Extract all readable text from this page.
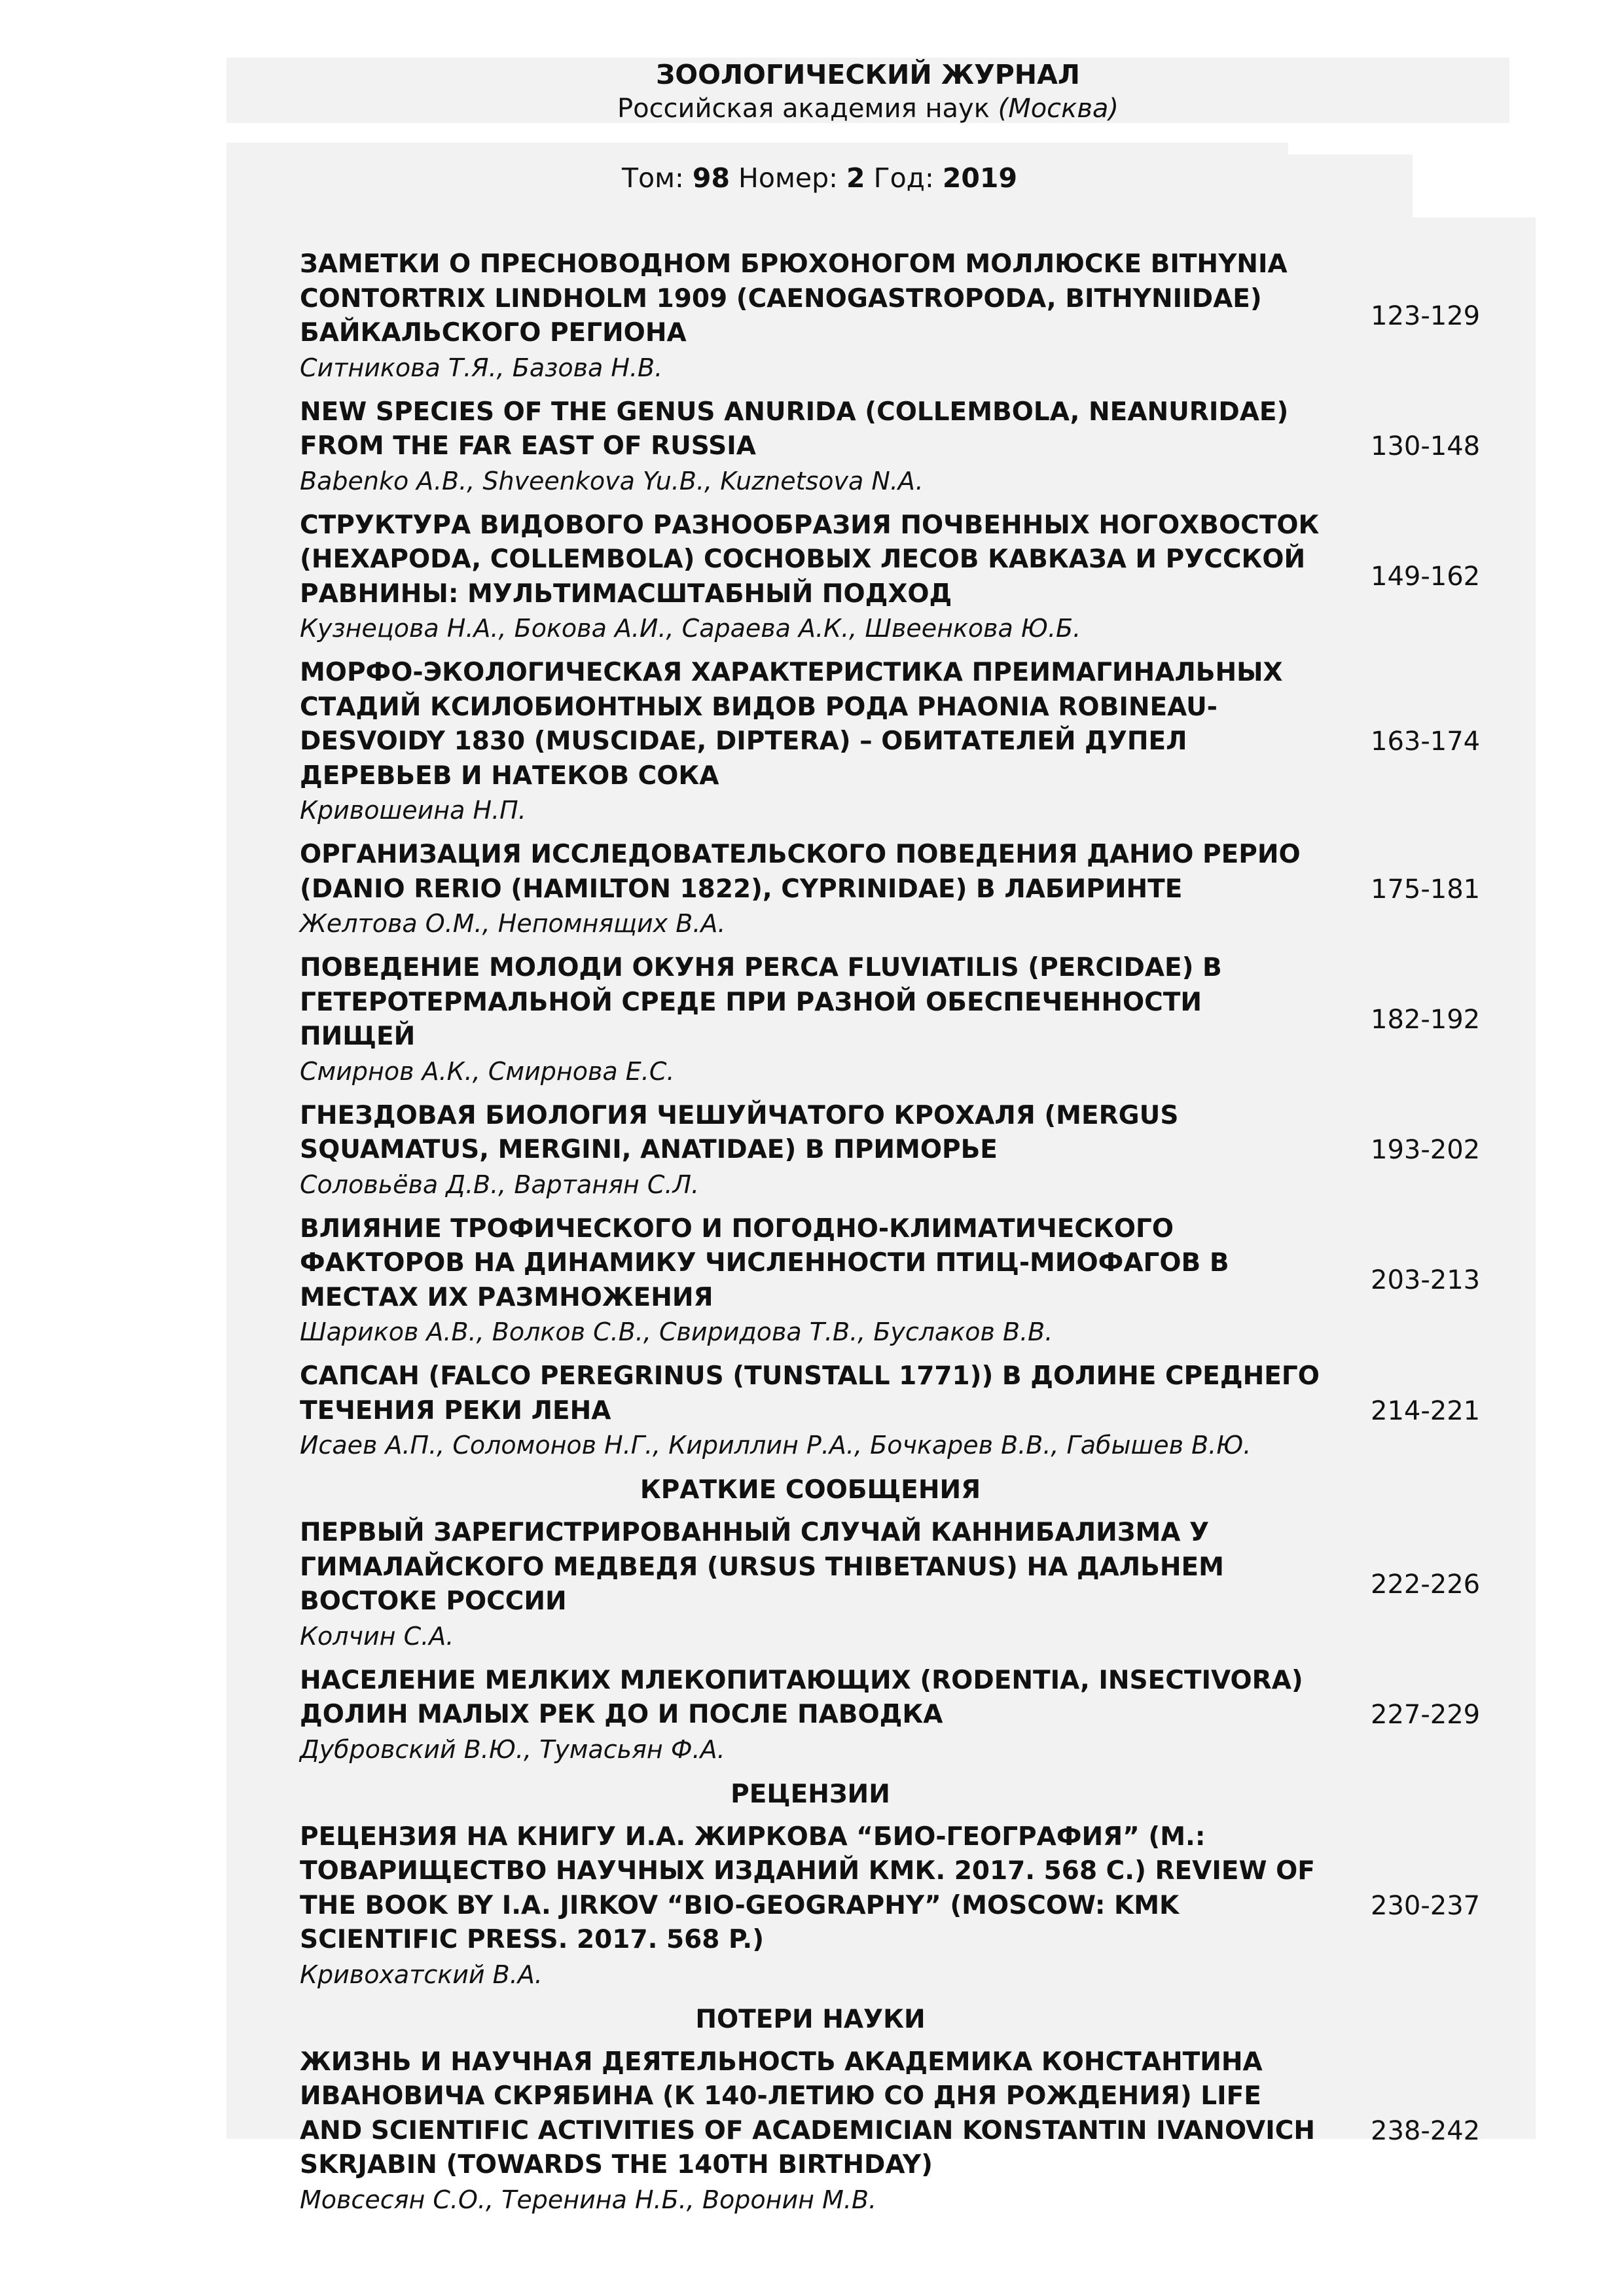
ЗООЛОГИЧЕСКИЙ ЖУРНАЛ
Российская академия наук (Москва)
Том: 98 Номер: 2 Год: 2019

ЗАМЕТКИ О ПРЕСНОВОДНОМ БРЮХОНОГОМ МОЛЛЮСКЕ BITHYNIA CONTORTRIX LINDHOLM 1909 (CAENOGASTROPODA, BITHYNIIDAE) БАЙКАЛЬСКОГО РЕГИОНА

Ситникова Т.Я., Базова Н.В.

123-129

NEW SPECIES OF THE GENUS ANURIDA (COLLEMBOLA, NEANURIDAE) FROM THE FAR EAST OF RUSSIA

Babenko A.B., Shveenkova Yu.B., Kuznetsova N.A.

130-148

СТРУКТУРА ВИДОВОГО РАЗНООБРАЗИЯ ПОЧВЕННЫХ НОГОХВОСТОК (HEXAPODA, COLLEMBOLA) СОСНОВЫХ ЛЕСОВ КАВКАЗА И РУССКОЙ РАВНИНЫ: МУЛЬТИМАСШТАБНЫЙ ПОДХОД

Кузнецова Н.А., Бокова А.И., Сараева А.К., Швеенкова Ю.Б.

149-162

МОРФО-ЭКОЛОГИЧЕСКАЯ ХАРАКТЕРИСТИКА ПРЕИМАГИНАЛЬНЫХ СТАДИЙ КСИЛОБИОНТНЫХ ВИДОВ РОДА PHAONIA ROBINEAU-DESVOIDY 1830 (MUSCIDAE, DIPTERA) – ОБИТАТЕЛЕЙ ДУПЕЛ ДЕРЕВЬЕВ И НАТЕКОВ СОКА

Кривошеина Н.П.

163-174

ОРГАНИЗАЦИЯ ИССЛЕДОВАТЕЛЬСКОГО ПОВЕДЕНИЯ ДАНИО РЕРИО (DANIO RERIO (HAMILTON 1822), CYPRINIDAE) В ЛАБИРИНТЕ

Желтова О.М., Непомнящих В.А.

175-181

ПОВЕДЕНИЕ МОЛОДИ ОКУНЯ PERCA FLUVIATILIS (PERCIDAE) В ГЕТЕРОТЕРМАЛЬНОЙ СРЕДЕ ПРИ РАЗНОЙ ОБЕСПЕЧЕННОСТИ ПИЩЕЙ

Смирнов А.К., Смирнова Е.С.

182-192

ГНЕЗДОВАЯ БИОЛОГИЯ ЧЕШУЙЧАТОГО КРОХАЛЯ (MERGUS SQUAMATUS, MERGINI, ANATIDAE) В ПРИМОРЬЕ

Соловьёва Д.В., Вартанян С.Л.

193-202

ВЛИЯНИЕ ТРОФИЧЕСКОГО И ПОГОДНО-КЛИМАТИЧЕСКОГО ФАКТОРОВ НА ДИНАМИКУ ЧИСЛЕННОСТИ ПТИЦ-МИОФАГОВ В МЕСТАХ ИХ РАЗМНОЖЕНИЯ

Шариков А.В., Волков С.В., Свиридова Т.В., Буслаков В.В.

203-213

САПСАН (FALCO PEREGRINUS (TUNSTALL 1771)) В ДОЛИНЕ СРЕДНЕГО ТЕЧЕНИЯ РЕКИ ЛЕНА

Исаев А.П., Соломонов Н.Г., Кириллин Р.А., Бочкарев В.В., Габышев В.Ю.

214-221
КРАТКИЕ СООБЩЕНИЯ

ПЕРВЫЙ ЗАРЕГИСТРИРОВАННЫЙ СЛУЧАЙ КАННИБАЛИЗМА У ГИМАЛАЙСКОГО МЕДВЕДЯ (URSUS THIBETANUS) НА ДАЛЬНЕМ ВОСТОКЕ РОССИИ

Колчин С.А.

222-226

НАСЕЛЕНИЕ МЕЛКИХ МЛЕКОПИТАЮЩИХ (RODENTIA, INSECTIVORA) ДОЛИН МАЛЫХ РЕК ДО И ПОСЛЕ ПАВОДКА

Дубровский В.Ю., Тумасьян Ф.А.

227-229
РЕЦЕНЗИИ

РЕЦЕНЗИЯ НА КНИГУ И.А. ЖИРКОВА “БИО-ГЕОГРАФИЯ” (М.: ТОВАРИЩЕСТВО НАУЧНЫХ ИЗДАНИЙ КМК. 2017. 568 С.) REVIEW OF THE BOOK BY I.A. JIRKOV “BIO-GEOGRAPHY” (MOSCOW: KMK SCIENTIFIC PRESS. 2017. 568 P.)

Кривохатский В.А.

230-237
ПОТЕРИ НАУКИ

ЖИЗНЬ И НАУЧНАЯ ДЕЯТЕЛЬНОСТЬ АКАДЕМИКА КОНСТАНТИНА ИВАНОВИЧА СКРЯБИНА (К 140-ЛЕТИЮ СО ДНЯ РОЖДЕНИЯ) LIFE AND SCIENTIFIC ACTIVITIES OF ACADEMICIAN KONSTANTIN IVANOVICH SKRJABIN (TOWARDS THE 140TH BIRTHDAY)

Мовсесян С.О., Теренина Н.Б., Воронин М.В.

238-242
